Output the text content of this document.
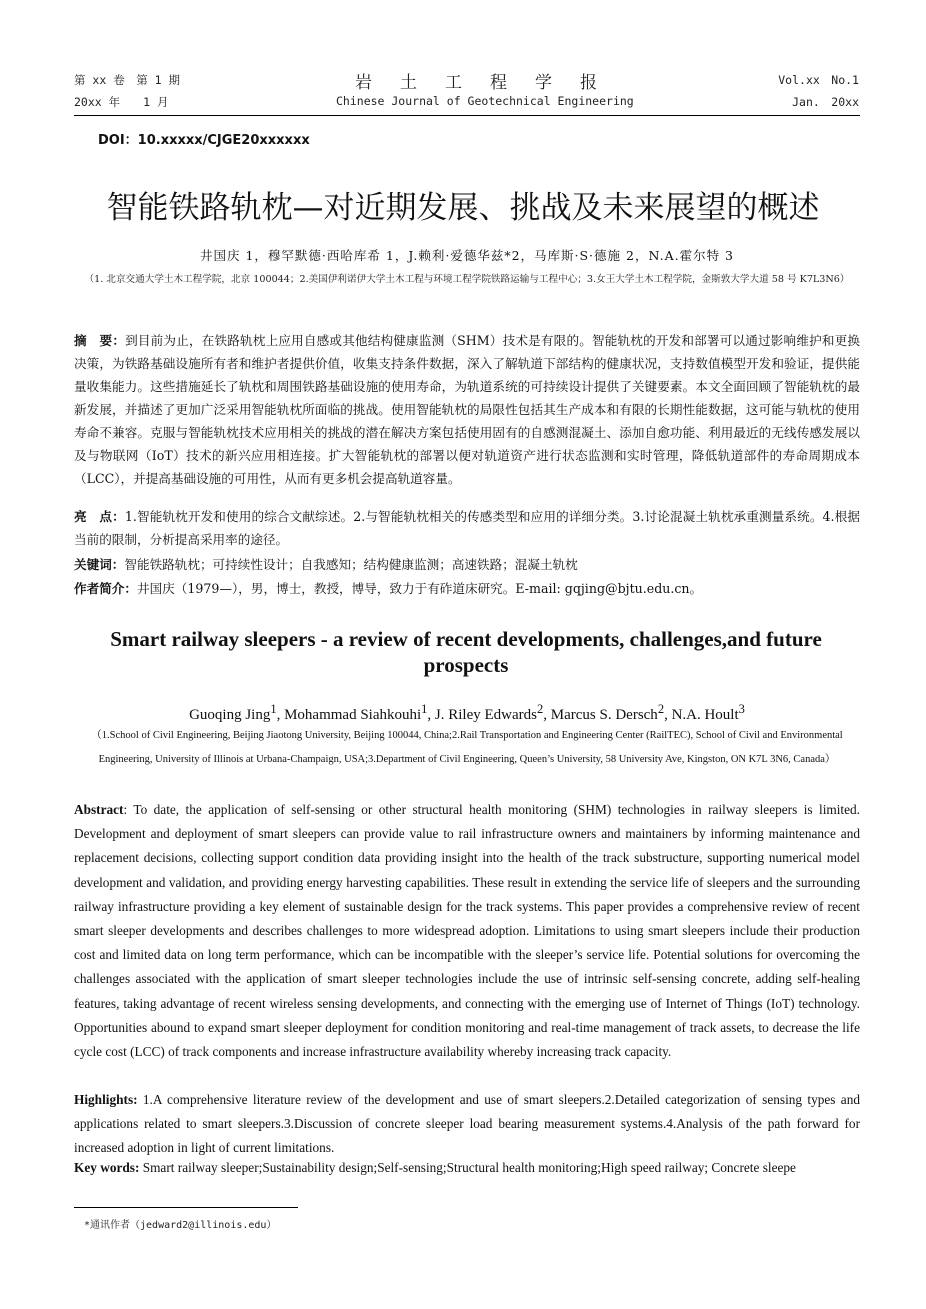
第 xx 卷　第 1 期
20xx 年　　1 月
岩土工程学报
Chinese Journal of Geotechnical Engineering
Vol.xx　No.1
Jan.　20xx
DOI：10.xxxxx/CJGE20xxxxxx
智能铁路轨枕—对近期发展、挑战及未来展望的概述
井国庆 1，穆罕默德·西哈库希 1，J.赖利·爱德华兹*2，马库斯·S·德施 2，N.A.霍尔特 3
（1. 北京交通大学土木工程学院，北京 100044；2.美国伊利诺伊大学土木工程与环境工程学院铁路运输与工程中心；3.女王大学土木工程学院，金斯敦大学大道 58 号 K7L3N6）
摘　要：到目前为止，在铁路轨枕上应用自感或其他结构健康监测（SHM）技术是有限的。智能轨枕的开发和部署可以通过影响维护和更换决策，为铁路基础设施所有者和维护者提供价值，收集支持条件数据，深入了解轨道下部结构的健康状况，支持数值模型开发和验证，提供能量收集能力。这些措施延长了轨枕和周围铁路基础设施的使用寿命，为轨道系统的可持续设计提供了关键要素。本文全面回顾了智能轨枕的最新发展，并描述了更加广泛采用智能轨枕所面临的挑战。使用智能轨枕的局限性包括其生产成本和有限的长期性能数据，这可能与轨枕的使用寿命不兼容。克服与智能轨枕技术应用相关的挑战的潜在解决方案包括使用固有的自感测混凝土、添加自愈功能、利用最近的无线传感发展以及与物联网（IoT）技术的新兴应用相连接。扩大智能轨枕的部署以便对轨道资产进行状态监测和实时管理，降低轨道部件的寿命周期成本（LCC），并提高基础设施的可用性，从而有更多机会提高轨道容量。
亮　点：1.智能轨枕开发和使用的综合文献综述。2.与智能轨枕相关的传感类型和应用的详细分类。3.讨论混凝土轨枕承重测量系统。4.根据当前的限制，分析提高采用率的途径。
关键词：智能铁路轨枕；可持续性设计；自我感知；结构健康监测；高速铁路；混凝土轨枕
作者简介：井国庆（1979—），男，博士，教授，博导，致力于有砟道床研究。E-mail: gqjing@bjtu.edu.cn。
Smart railway sleepers - a review of recent developments, challenges,and future prospects
Guoqing Jing$^1$, Mohammad Siahkouhi$^1$, J. Riley Edwards$^2$, Marcus S. Dersch$^2$, N.A. Hoult$^3$
（1.School of Civil Engineering, Beijing Jiaotong University, Beijing 100044, China;2.Rail Transportation and Engineering Center (RailTEC), School of Civil and Environmental Engineering, University of Illinois at Urbana-Champaign, USA;3.Department of Civil Engineering, Queen’s University, 58 University Ave, Kingston, ON K7L 3N6, Canada）
Abstract: To date, the application of self-sensing or other structural health monitoring (SHM) technologies in railway sleepers is limited. Development and deployment of smart sleepers can provide value to rail infrastructure owners and maintainers by informing maintenance and replacement decisions, collecting support condition data providing insight into the health of the track substructure, supporting numerical model development and validation, and providing energy harvesting capabilities. These result in extending the service life of sleepers and the surrounding railway infrastructure providing a key element of sustainable design for the track systems. This paper provides a comprehensive review of recent smart sleeper developments and describes challenges to more widespread adoption. Limitations to using smart sleepers include their production cost and limited data on long term performance, which can be incompatible with the sleeper’s service life. Potential solutions for overcoming the challenges associated with the application of smart sleeper technologies include the use of intrinsic self-sensing concrete, adding self-healing features, taking advantage of recent wireless sensing developments, and connecting with the emerging use of Internet of Things (IoT) technology. Opportunities abound to expand smart sleeper deployment for condition monitoring and real-time management of track assets, to decrease the life cycle cost (LCC) of track components and increase infrastructure availability whereby increasing track capacity.
Highlights: 1.A comprehensive literature review of the development and use of smart sleepers.2.Detailed categorization of sensing types and applications related to smart sleepers.3.Discussion of concrete sleeper load bearing measurement systems.4.Analysis of the path forward for increased adoption in light of current limitations.
Key words: Smart railway sleeper;Sustainability design;Self-sensing;Structural health monitoring;High speed railway; Concrete sleepe
*通讯作者（jedward2@illinois.edu）
